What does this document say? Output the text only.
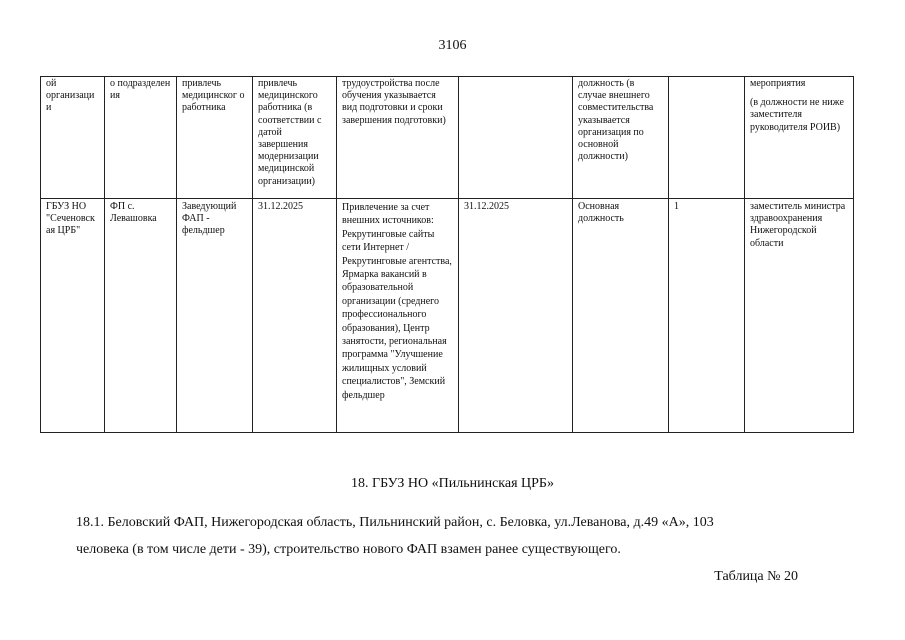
3106
ой организаци и	о подразделен ия	привлечь медицинског о работника	привлечь медицинского работника (в соответствии с датой завершения модернизации медицинской организации)	трудоустройства после обучения указывается вид подготовки и сроки завершения подготовки)		должность (в случае внешнего совместительства указывается организация по основной должности)		мероприятия
(в должности не ниже заместителя руководителя РОИВ)

ГБУЗ НО "Сеченовск ая ЦРБ"	ФП с. Левашовка	Заведующий ФАП - фельдшер	31.12.2025	Привлечение за счет внешних источников: Рекрутинговые сайты сети Интернет / Рекрутинговые агентства, Ярмарка вакансий в образовательной организации (среднего профессионального образования), Центр занятости, региональная программа "Улучшение жилищных условий специалистов", Земский фельдшер	31.12.2025	Основная должность	1	заместитель министра здравоохранения Нижегородской области
18. ГБУЗ НО «Пильнинская ЦРБ»
18.1. Беловский ФАП, Нижегородская область, Пильнинский район, с. Беловка, ул.Леванова, д.49 «А», 103
человека (в том числе дети - 39), строительство нового ФАП взамен ранее существующего.
Таблица № 20
